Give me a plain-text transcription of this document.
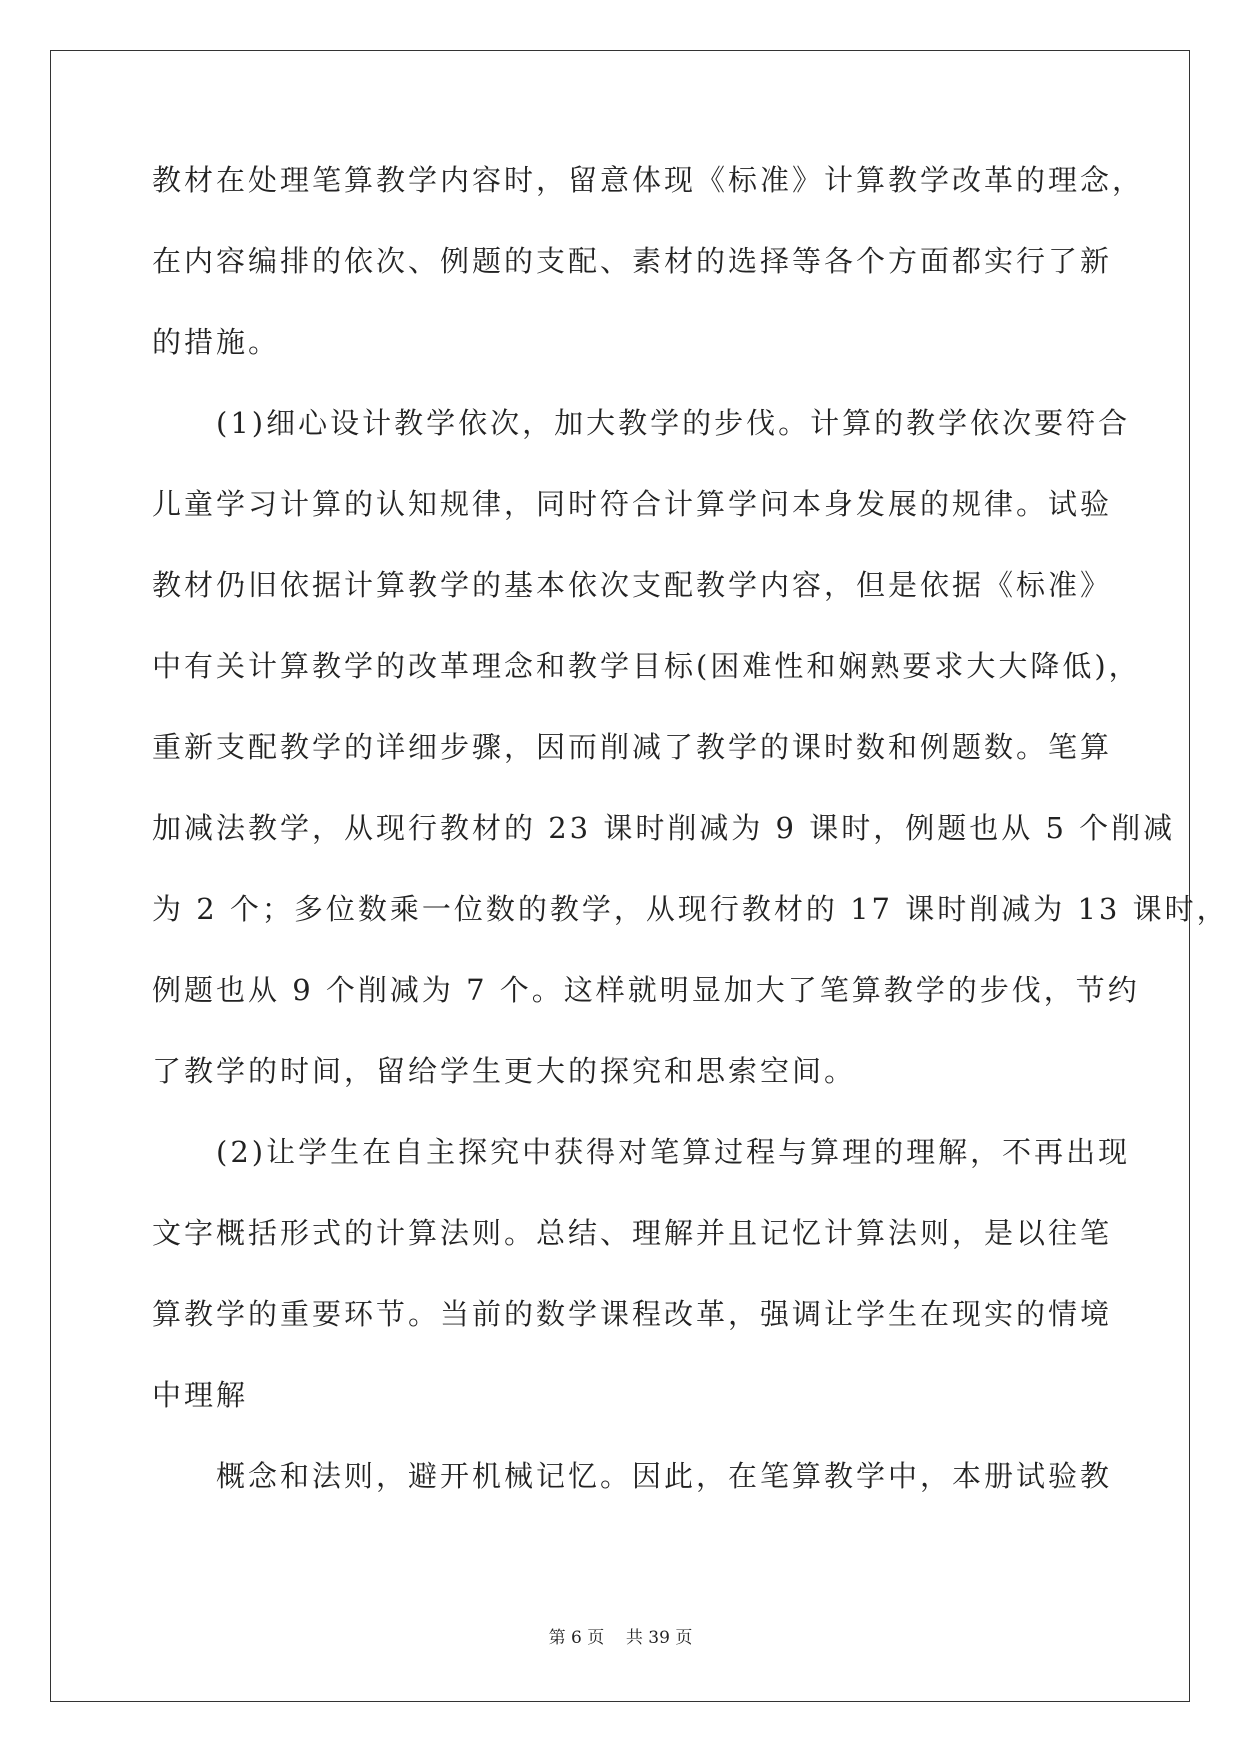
教材在处理笔算教学内容时，留意体现《标准》计算教学改革的理念，
在内容编排的依次、例题的支配、素材的选择等各个方面都实行了新
的措施。
(1)细心设计教学依次，加大教学的步伐。计算的教学依次要符合
儿童学习计算的认知规律，同时符合计算学问本身发展的规律。试验
教材仍旧依据计算教学的基本依次支配教学内容，但是依据《标准》
中有关计算教学的改革理念和教学目标(困难性和娴熟要求大大降低)，
重新支配教学的详细步骤，因而削减了教学的课时数和例题数。笔算
加减法教学，从现行教材的 23 课时削减为 9 课时，例题也从 5 个削减
为 2 个；多位数乘一位数的教学，从现行教材的 17 课时削减为 13 课时，
例题也从 9 个削减为 7 个。这样就明显加大了笔算教学的步伐，节约
了教学的时间，留给学生更大的探究和思索空间。
(2)让学生在自主探究中获得对笔算过程与算理的理解，不再出现
文字概括形式的计算法则。总结、理解并且记忆计算法则，是以往笔
算教学的重要环节。当前的数学课程改革，强调让学生在现实的情境
中理解
概念和法则，避开机械记忆。因此，在笔算教学中，本册试验教
第 6 页    共 39 页
